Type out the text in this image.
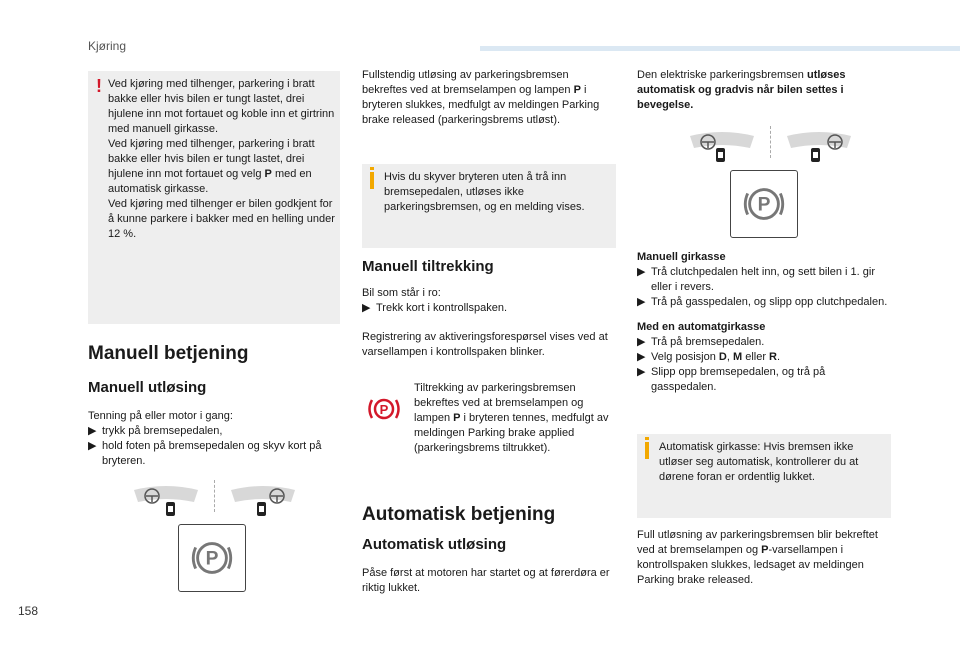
Kjøring
158
! Ved kjøring med tilhenger, parkering i bratt bakke eller hvis bilen er tungt lastet, drei hjulene inn mot fortauet og koble inn et girtrinn med manuell girkasse.

Ved kjøring med tilhenger, parkering i bratt bakke eller hvis bilen er tungt lastet, drei hjulene inn mot fortauet og velg P med en automatisk girkasse.

Ved kjøring med tilhenger er bilen godkjent for å kunne parkere i bakker med en helling under 12 %.

Manuell betjening
Manuell utløsing

Tenning på eller motor i gang:

▶ trykk på bremsepedalen,
▶ hold foten på bremsepedalen og skyv kort på bryteren.
P

Fullstendig utløsing av parkeringsbremsen bekreftes ved at bremselampen og lampen P i bryteren slukkes, medfulgt av meldingen Parking brake released (parkeringsbrems utløst).

Hvis du skyver bryteren uten å trå inn bremsepedalen, utløses ikke parkeringsbremsen, og en melding vises.
Manuell tiltrekking

Bil som står i ro:

▶ Trekk kort i kontrollspaken.

Registrering av aktiveringsforespørsel vises ved at varsellampen i kontrollspaken blinker.

P

Tiltrekking av parkeringsbremsen bekreftes ved at bremselampen og lampen P i bryteren tennes, medfulgt av meldingen Parking brake applied (parkeringsbrems tiltrukket).

Automatisk betjening
Automatisk utløsing

Påse først at motoren har startet og at førerdøra er riktig lukket.

Den elektriske parkeringsbremsen utløses automatisk og gradvis når bilen settes i bevegelse.

P

Manuell girkasse

▶ Trå clutchpedalen helt inn, og sett bilen i 1. gir eller i revers.
▶ Trå på gasspedalen, og slipp opp clutchpedalen.

Med en automatgirkasse

▶ Trå på bremsepedalen.
▶ Velg posisjon D, M eller R.
▶ Slipp opp bremsepedalen, og trå på gasspedalen.
Automatisk girkasse: Hvis bremsen ikke utløser seg automatisk, kontrollerer du at dørene foran er ordentlig lukket.

Full utløsning av parkeringsbremsen blir bekreftet ved at bremselampen og P-varsellampen i kontrollspaken slukkes, ledsaget av meldingen Parking brake released.
